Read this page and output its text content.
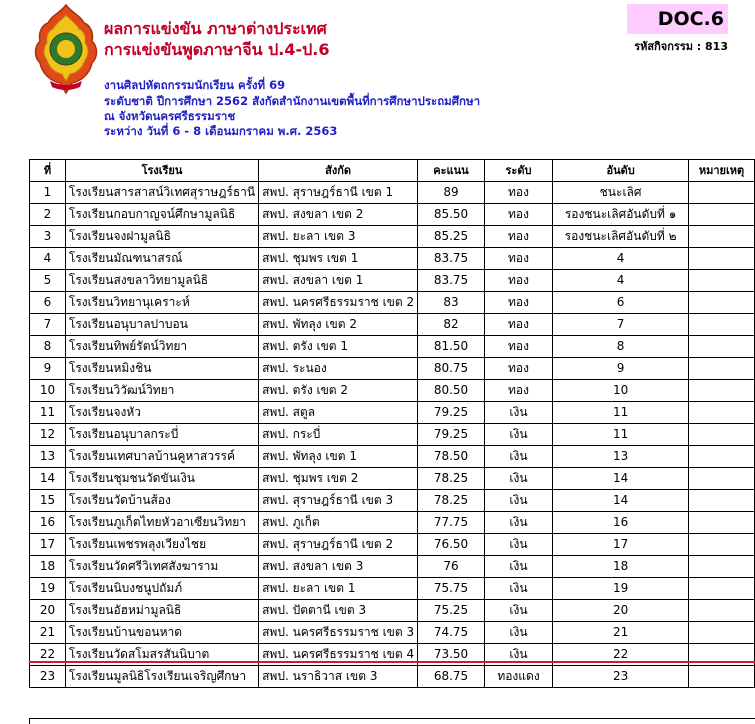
ผลการแข่งขัน ภาษาต่างประเทศ
การแข่งขันพูดภาษาจีน ป.4-ป.6
DOC.6
รหัสกิจกรรม : 813
งานศิลปหัตถกรรมนักเรียน ครั้งที่ 69
ระดับชาติ ปีการศึกษา 2562 สังกัดสำนักงานเขตพื้นที่การศึกษาประถมศึกษา
ณ จังหวัดนครศรีธรรมราช
ระหว่าง วันที่ 6 - 8 เดือนมกราคม พ.ศ. 2563
ที่	โรงเรียน	สังกัด	คะแนน	ระดับ	อันดับ	หมายเหตุ
1	โรงเรียนสารสาสน์วิเทศสุราษฎร์ธานี	สพป. สุราษฎร์ธานี เขต 1	89	ทอง	ชนะเลิศ	
2	โรงเรียนกอบกาญจน์ศึกษามูลนิธิ	สพป. สงขลา เขต 2	85.50	ทอง	รองชนะเลิศอันดับที่ ๑	
3	โรงเรียนจงฝามูลนิธิ	สพป. ยะลา เขต 3	85.25	ทอง	รองชนะเลิศอันดับที่ ๒	
4	โรงเรียนมัณฑนาสรณ์	สพป. ชุมพร เขต 1	83.75	ทอง	4	
5	โรงเรียนสงขลาวิทยามูลนิธิ	สพป. สงขลา เขต 1	83.75	ทอง	4	
6	โรงเรียนวิทยานุเคราะห์	สพป. นครศรีธรรมราช เขต 2	83	ทอง	6	
7	โรงเรียนอนุบาลปาบอน	สพป. พัทลุง เขต 2	82	ทอง	7	
8	โรงเรียนทิพย์รัตน์วิทยา	สพป. ตรัง เขต 1	81.50	ทอง	8	
9	โรงเรียนหมิงชิน	สพป. ระนอง	80.75	ทอง	9	
10	โรงเรียนวิวัฒน์วิทยา	สพป. ตรัง เขต 2	80.50	ทอง	10	
11	โรงเรียนจงหัว	สพป. สตูล	79.25	เงิน	11	
12	โรงเรียนอนุบาลกระบี่	สพป. กระบี่	79.25	เงิน	11	
13	โรงเรียนเทศบาลบ้านคูหาสวรรค์	สพป. พัทลุง เขต 1	78.50	เงิน	13	
14	โรงเรียนชุมชนวัดขันเงิน	สพป. ชุมพร เขต 2	78.25	เงิน	14	
15	โรงเรียนวัดบ้านส้อง	สพป. สุราษฎร์ธานี เขต 3	78.25	เงิน	14	
16	โรงเรียนภูเก็ตไทยหัวอาเซียนวิทยา	สพป. ภูเก็ต	77.75	เงิน	16	
17	โรงเรียนเพชรพลุงเวียงไชย	สพป. สุราษฎร์ธานี เขต 2	76.50	เงิน	17	
18	โรงเรียนวัดศรีวิเทศสังฆาราม	สพป. สงขลา เขต 3	76	เงิน	18	
19	โรงเรียนนิบงชนูปถัมภ์	สพป. ยะลา เขต 1	75.75	เงิน	19	
20	โรงเรียนอัฮหม่ามูลนิธิ	สพป. ปัตตานี เขต 3	75.25	เงิน	20	
21	โรงเรียนบ้านขอนหาด	สพป. นครศรีธรรมราช เขต 3	74.75	เงิน	21	
22	โรงเรียนวัดสโมสรสันนิบาต	สพป. นครศรีธรรมราช เขต 4	73.50	เงิน	22	
23	โรงเรียนมูลนิธิโรงเรียนเจริญศึกษา	สพป. นราธิวาส เขต 3	68.75	ทองแดง	23	
